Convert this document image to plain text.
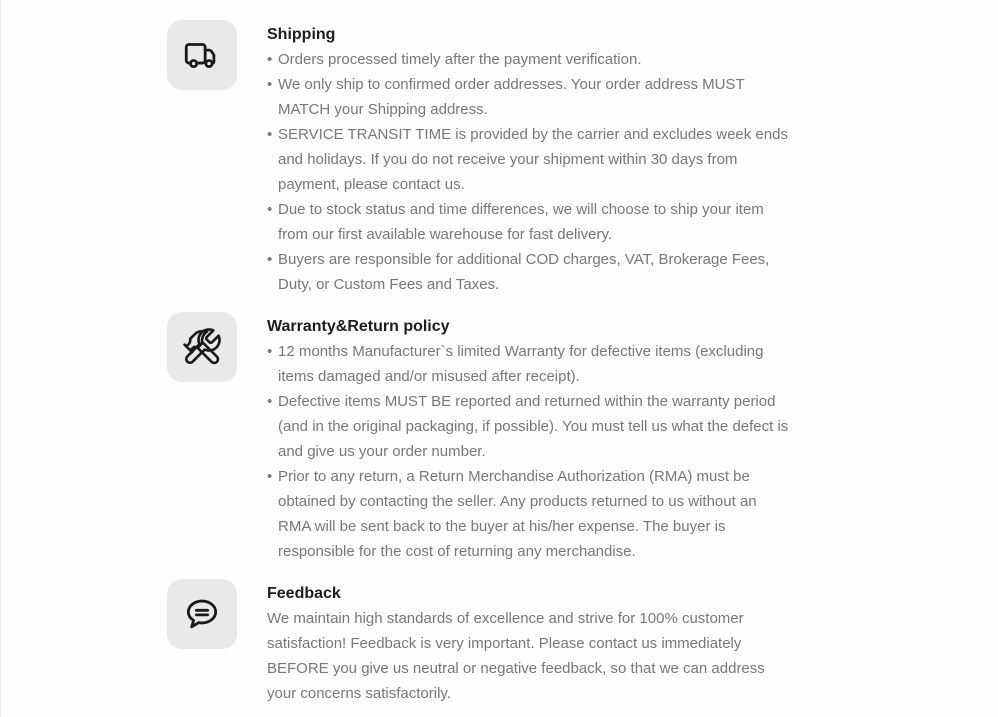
Shipping
• Orders processed timely after the payment verification.
• We only ship to confirmed order addresses. Your order address MUST MATCH your Shipping address.
• SERVICE TRANSIT TIME is provided by the carrier and excludes week ends and holidays. If you do not receive your shipment within 30 days from payment, please contact us.
• Due to stock status and time differences, we will choose to ship your item from our first available warehouse for fast delivery.
• Buyers are responsible for additional COD charges, VAT, Brokerage Fees, Duty, or Custom Fees and Taxes.
Warranty&Return policy
• 12 months Manufacturer`s limited Warranty for defective items (excluding items damaged and/or misused after receipt).
• Defective items MUST BE reported and returned within the warranty period (and in the original packaging, if possible). You must tell us what the defect is and give us your order number.
• Prior to any return, a Return Merchandise Authorization (RMA) must be obtained by contacting the seller. Any products returned to us without an RMA will be sent back to the buyer at his/her expense. The buyer is responsible for the cost of returning any merchandise.
Feedback

We maintain high standards of excellence and strive for 100% customer satisfaction! Feedback is very important. Please contact us immediately BEFORE you give us neutral or negative feedback, so that we can address your concerns satisfactorily.
